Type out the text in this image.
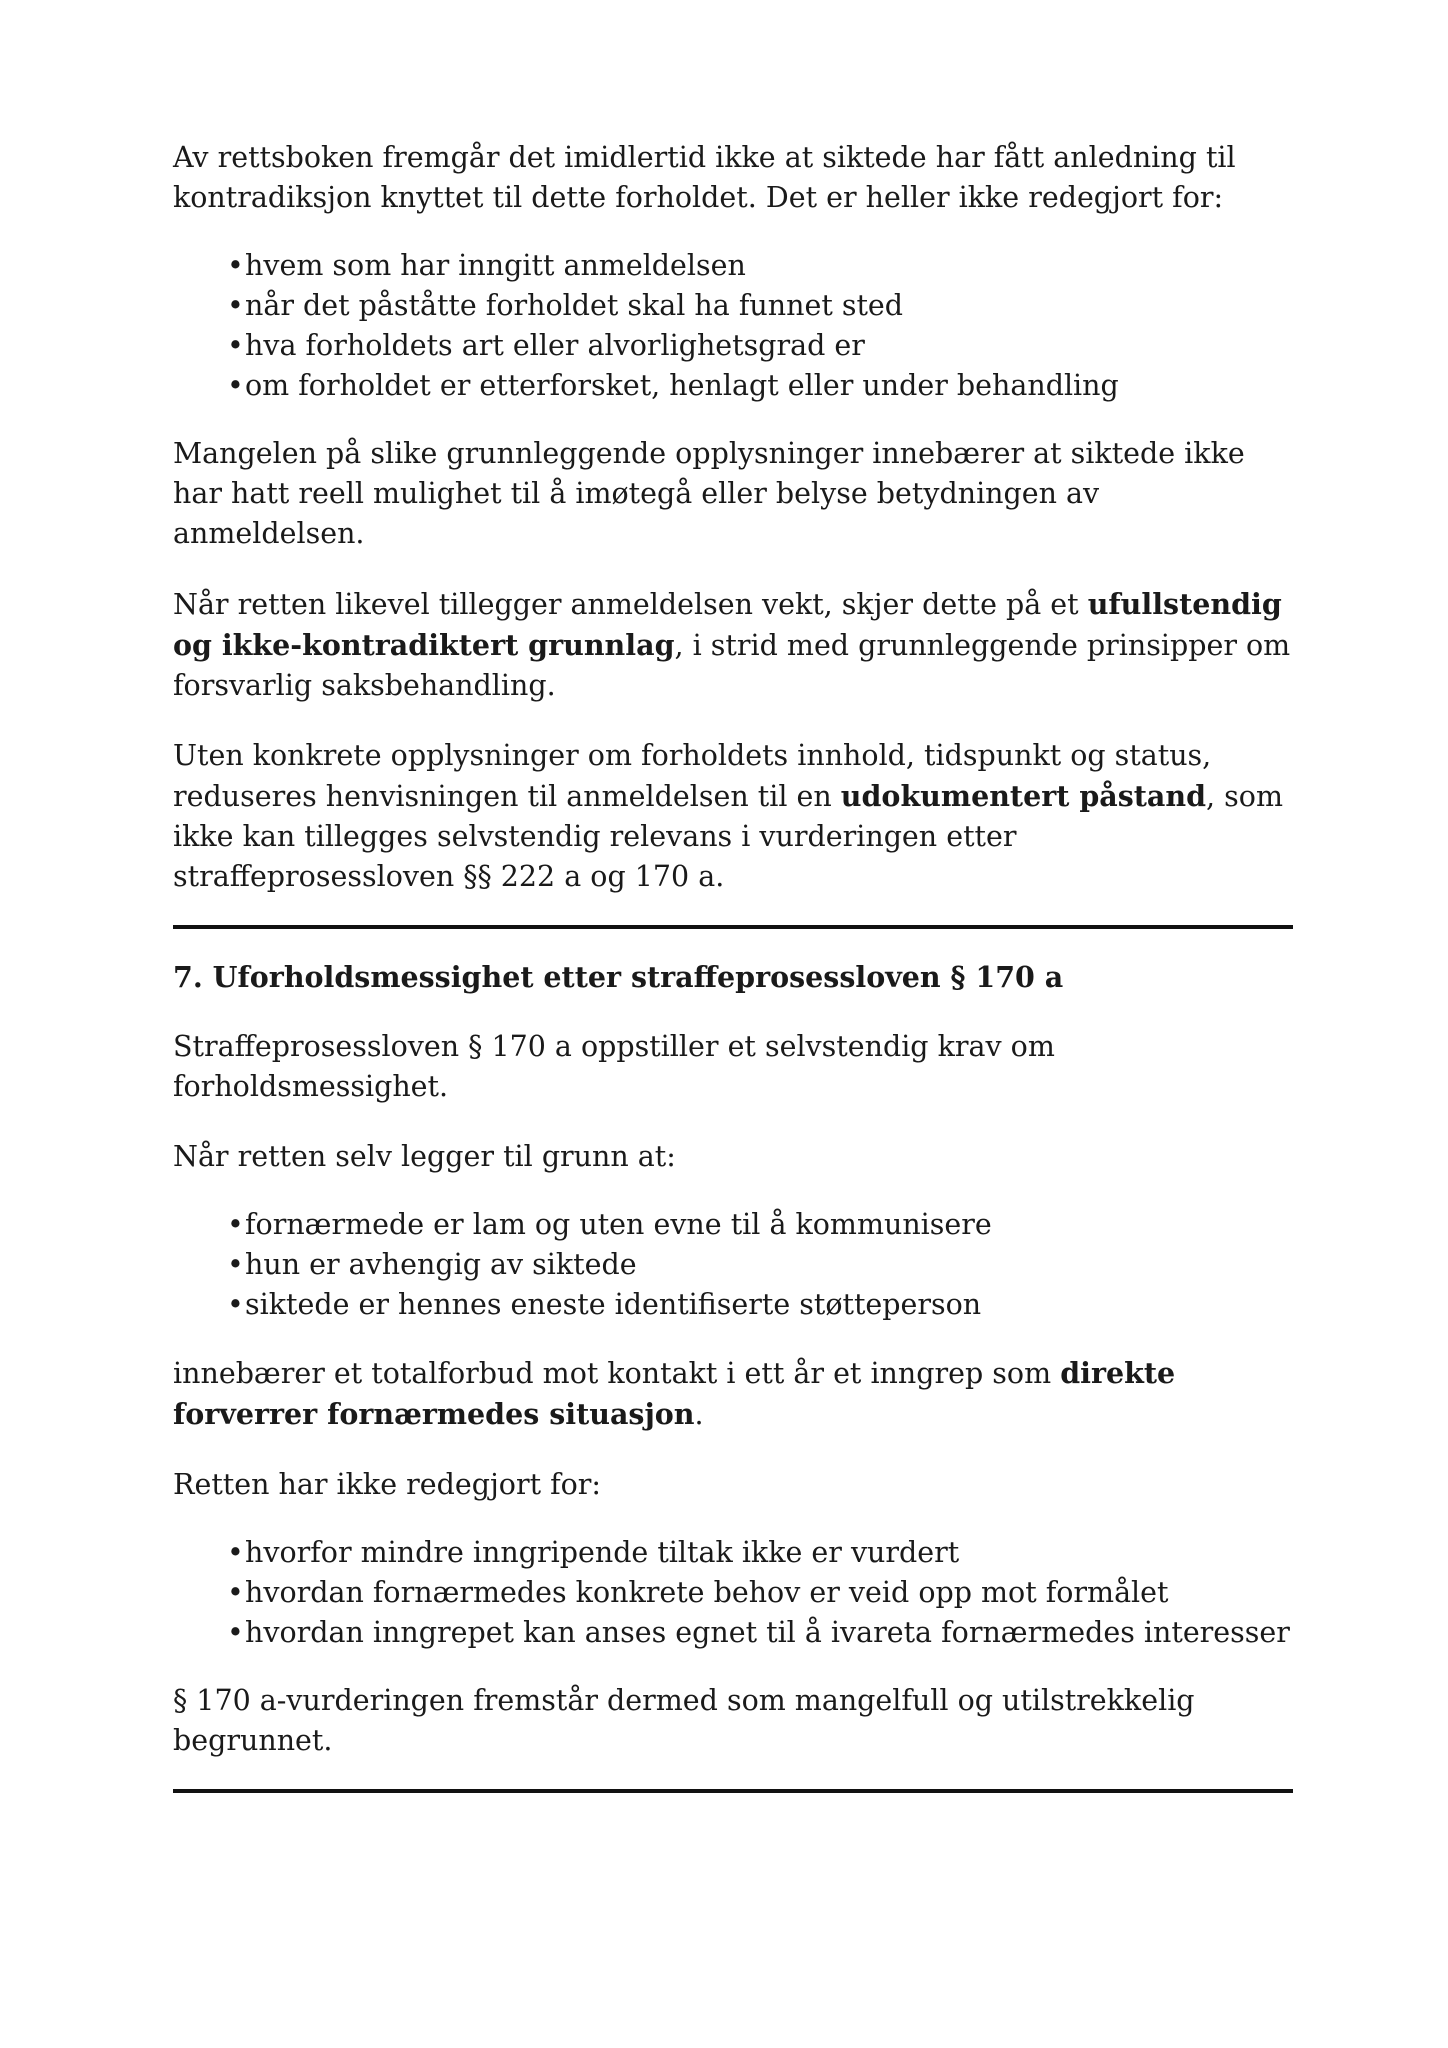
Av rettsboken fremgår det imidlertid ikke at siktede har fått anledning til kontradiksjon knyttet til dette forholdet. Det er heller ikke redegjort for:

• hvem som har inngitt anmeldelsen
• når det påståtte forholdet skal ha funnet sted
• hva forholdets art eller alvorlighetsgrad er
• om forholdet er etterforsket, henlagt eller under behandling

Mangelen på slike grunnleggende opplysninger innebærer at siktede ikke har hatt reell mulighet til å imøtegå eller belyse betydningen av anmeldelsen.

Når retten likevel tillegger anmeldelsen vekt, skjer dette på et ufullstendig og ikke-kontradiktert grunnlag, i strid med grunnleggende prinsipper om forsvarlig saksbehandling.

Uten konkrete opplysninger om forholdets innhold, tidspunkt og status, reduseres henvisningen til anmeldelsen til en udokumentert påstand, som ikke kan tillegges selvstendig relevans i vurderingen etter straffeprosessloven §§ 222 a og 170 a.

7. Uforholdsmessighet etter straffeprosessloven § 170 a

Straffeprosessloven § 170 a oppstiller et selvstendig krav om forholdsmessighet.

Når retten selv legger til grunn at:

• fornærmede er lam og uten evne til å kommunisere
• hun er avhengig av siktede
• siktede er hennes eneste identifiserte støtteperson

innebærer et totalforbud mot kontakt i ett år et inngrep som direkte forverrer fornærmedes situasjon.

Retten har ikke redegjort for:

• hvorfor mindre inngripende tiltak ikke er vurdert
• hvordan fornærmedes konkrete behov er veid opp mot formålet
• hvordan inngrepet kan anses egnet til å ivareta fornærmedes interesser

§ 170 a-vurderingen fremstår dermed som mangelfull og utilstrekkelig begrunnet.
